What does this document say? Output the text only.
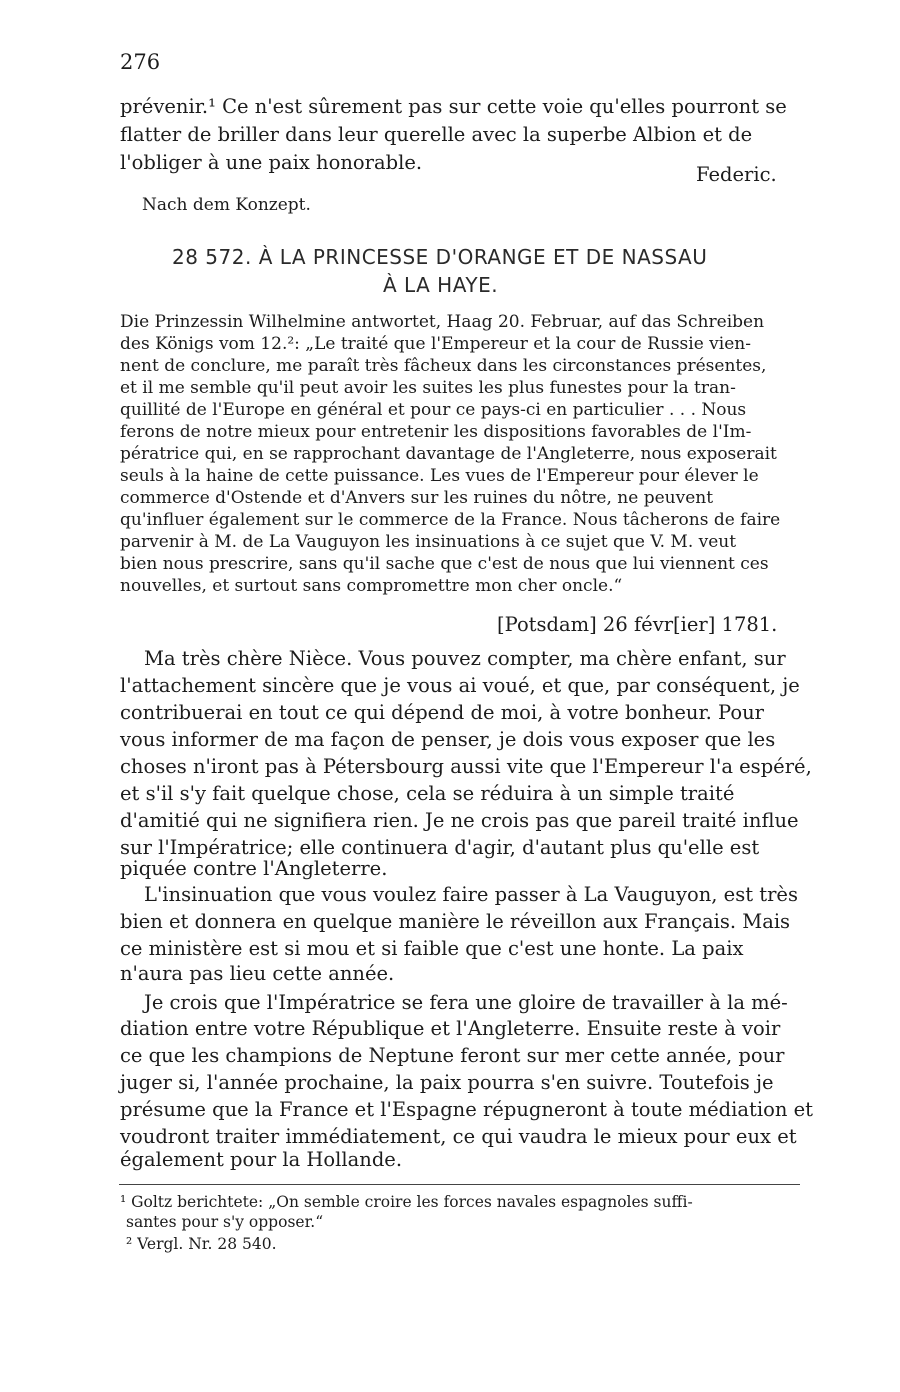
276
prévenir.¹ Ce n'est sûrement pas sur cette voie qu'elles pourront se
flatter de briller dans leur querelle avec la superbe Albion et de
l'obliger à une paix honorable.
Federic.
Nach dem Konzept.
28 572. À LA PRINCESSE D'ORANGE ET DE NASSAU
À LA HAYE.
Die Prinzessin Wilhelmine antwortet, Haag 20. Februar, auf das Schreiben
des Königs vom 12.²: „Le traité que l'Empereur et la cour de Russie vien-
nent de conclure, me paraît très fâcheux dans les circonstances présentes,
et il me semble qu'il peut avoir les suites les plus funestes pour la tran-
quillité de l'Europe en général et pour ce pays-ci en particulier . . . Nous
ferons de notre mieux pour entretenir les dispositions favorables de l'Im-
pératrice qui, en se rapprochant davantage de l'Angleterre, nous exposerait
seuls à la haine de cette puissance. Les vues de l'Empereur pour élever le
commerce d'Ostende et d'Anvers sur les ruines du nôtre, ne peuvent
qu'influer également sur le commerce de la France. Nous tâcherons de faire
parvenir à M. de La Vauguyon les insinuations à ce sujet que V. M. veut
bien nous prescrire, sans qu'il sache que c'est de nous que lui viennent ces
nouvelles, et surtout sans compromettre mon cher oncle.“
[Potsdam] 26 févr[ier] 1781.
Ma très chère Nièce. Vous pouvez compter, ma chère enfant, sur
l'attachement sincère que je vous ai voué, et que, par conséquent, je
contribuerai en tout ce qui dépend de moi, à votre bonheur. Pour
vous informer de ma façon de penser, je dois vous exposer que les
choses n'iront pas à Pétersbourg aussi vite que l'Empereur l'a espéré,
et s'il s'y fait quelque chose, cela se réduira à un simple traité
d'amitié qui ne signifiera rien. Je ne crois pas que pareil traité influe
sur l'Impératrice; elle continuera d'agir, d'autant plus qu'elle est
piquée contre l'Angleterre.
L'insinuation que vous voulez faire passer à La Vauguyon, est très
bien et donnera en quelque manière le réveillon aux Français. Mais
ce ministère est si mou et si faible que c'est une honte. La paix
n'aura pas lieu cette année.
Je crois que l'Impératrice se fera une gloire de travailler à la mé-
diation entre votre République et l'Angleterre. Ensuite reste à voir
ce que les champions de Neptune feront sur mer cette année, pour
juger si, l'année prochaine, la paix pourra s'en suivre. Toutefois je
présume que la France et l'Espagne répugneront à toute médiation et
voudront traiter immédiatement, ce qui vaudra le mieux pour eux et
également pour la Hollande.
¹ Goltz berichtete: „On semble croire les forces navales espagnoles suffi-
santes pour s'y opposer.“
² Vergl. Nr. 28 540.
